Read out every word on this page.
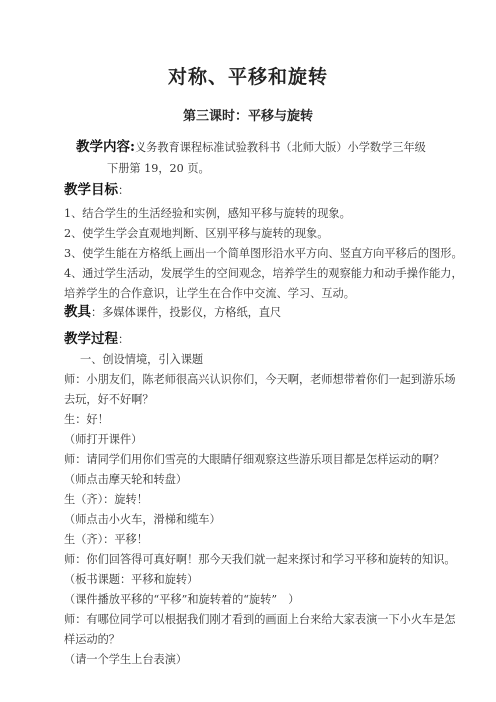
对称、平移和旋转
第三课时：平移与旋转
教学内容:义务教育课程标准试验教科书（北师大版）小学数学三年级
下册第 19，20 页。
教学目标：
1、结合学生的生活经验和实例，感知平移与旋转的现象。
2、使学生学会直观地判断、区别平移与旋转的现象。
3、使学生能在方格纸上画出一个简单图形沿水平方向、竖直方向平移后的图形。
4、通过学生活动，发展学生的空间观念，培养学生的观察能力和动手操作能力，
培养学生的合作意识，让学生在合作中交流、学习、互动。
教具：多媒体课件，投影仪，方格纸，直尺
教学过程：
一、创设情境，引入课题
师：小朋友们，陈老师很高兴认识你们，今天啊，老师想带着你们一起到游乐场
去玩，好不好啊？
生：好！
（师打开课件）
师：请同学们用你们雪亮的大眼睛仔细观察这些游乐项目都是怎样运动的啊？
（师点击摩天轮和转盘）
生（齐）：旋转！
（师点击小火车，滑梯和缆车）
生（齐）：平移！
师：你们回答得可真好啊！那今天我们就一起来探讨和学习平移和旋转的知识。
（板书课题：平移和旋转）
（课件播放平移的“平移”和旋转着的“旋转”　）
师：有哪位同学可以根据我们刚才看到的画面上台来给大家表演一下小火车是怎
样运动的？
（请一个学生上台表演）
